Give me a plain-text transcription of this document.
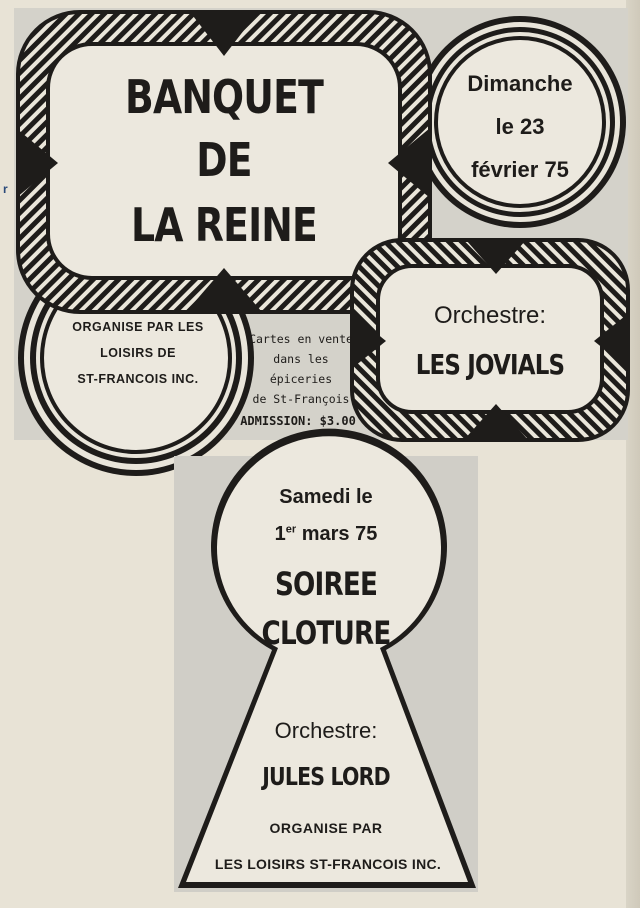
r
BANQUET
DE
LA REINE
Dimanche
le 23
février 75
ORGANISE PAR LES
LOISIRS DE
ST-FRANCOIS INC.
Cartes en vente
dans les
épiceries
de St-François
ADMISSION: $3.00
Orchestre:
LES JOVIALS
Samedi le
1er mars 75
SOIREE
CLOTURE
Orchestre:
JULES LORD
ORGANISE PAR
LES LOISIRS ST-FRANCOIS INC.
